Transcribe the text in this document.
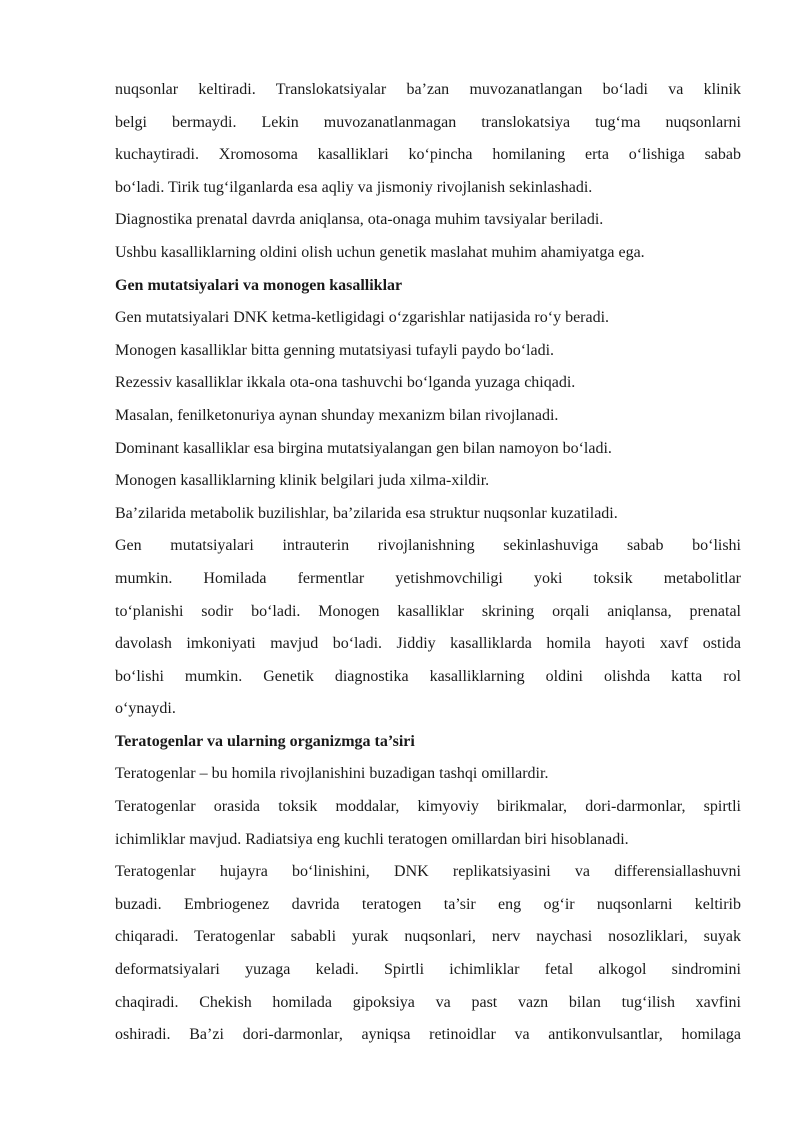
nuqsonlar keltiradi. Translokatsiyalar ba’zan muvozanatlangan bo‘ladi va klinik
belgi bermaydi. Lekin muvozanatlanmagan translokatsiya tug‘ma nuqsonlarni
kuchaytiradi. Xromosoma kasalliklari ko‘pincha homilaning erta o‘lishiga sabab
bo‘ladi. Tirik tug‘ilganlarda esa aqliy va jismoniy rivojlanish sekinlashadi.
Diagnostika prenatal davrda aniqlansa, ota-onaga muhim tavsiyalar beriladi.
Ushbu kasalliklarning oldini olish uchun genetik maslahat muhim ahamiyatga ega.
Gen mutatsiyalari va monogen kasalliklar
Gen mutatsiyalari DNK ketma-ketligidagi o‘zgarishlar natijasida ro‘y beradi.
Monogen kasalliklar bitta genning mutatsiyasi tufayli paydo bo‘ladi.
Rezessiv kasalliklar ikkala ota-ona tashuvchi bo‘lganda yuzaga chiqadi.
Masalan, fenilketonuriya aynan shunday mexanizm bilan rivojlanadi.
Dominant kasalliklar esa birgina mutatsiyalangan gen bilan namoyon bo‘ladi.
Monogen kasalliklarning klinik belgilari juda xilma-xildir.
Ba’zilarida metabolik buzilishlar, ba’zilarida esa struktur nuqsonlar kuzatiladi.
Gen mutatsiyalari intrauterin rivojlanishning sekinlashuviga sabab bo‘lishi
mumkin. Homilada fermentlar yetishmovchiligi yoki toksik metabolitlar
to‘planishi sodir bo‘ladi. Monogen kasalliklar skrining orqali aniqlansa, prenatal
davolash imkoniyati mavjud bo‘ladi. Jiddiy kasalliklarda homila hayoti xavf ostida
bo‘lishi mumkin. Genetik diagnostika kasalliklarning oldini olishda katta rol
o‘ynaydi.
Teratogenlar va ularning organizmga ta’siri
Teratogenlar – bu homila rivojlanishini buzadigan tashqi omillardir.
Teratogenlar orasida toksik moddalar, kimyoviy birikmalar, dori-darmonlar, spirtli
ichimliklar mavjud. Radiatsiya eng kuchli teratogen omillardan biri hisoblanadi.
Teratogenlar hujayra bo‘linishini, DNK replikatsiyasini va differensiallashuvni
buzadi. Embriogenez davrida teratogen ta’sir eng og‘ir nuqsonlarni keltirib
chiqaradi. Teratogenlar sababli yurak nuqsonlari, nerv naychasi nosozliklari, suyak
deformatsiyalari yuzaga keladi. Spirtli ichimliklar fetal alkogol sindromini
chaqiradi. Chekish homilada gipoksiya va past vazn bilan tug‘ilish xavfini
oshiradi. Ba’zi dori-darmonlar, ayniqsa retinoidlar va antikonvulsantlar, homilaga
